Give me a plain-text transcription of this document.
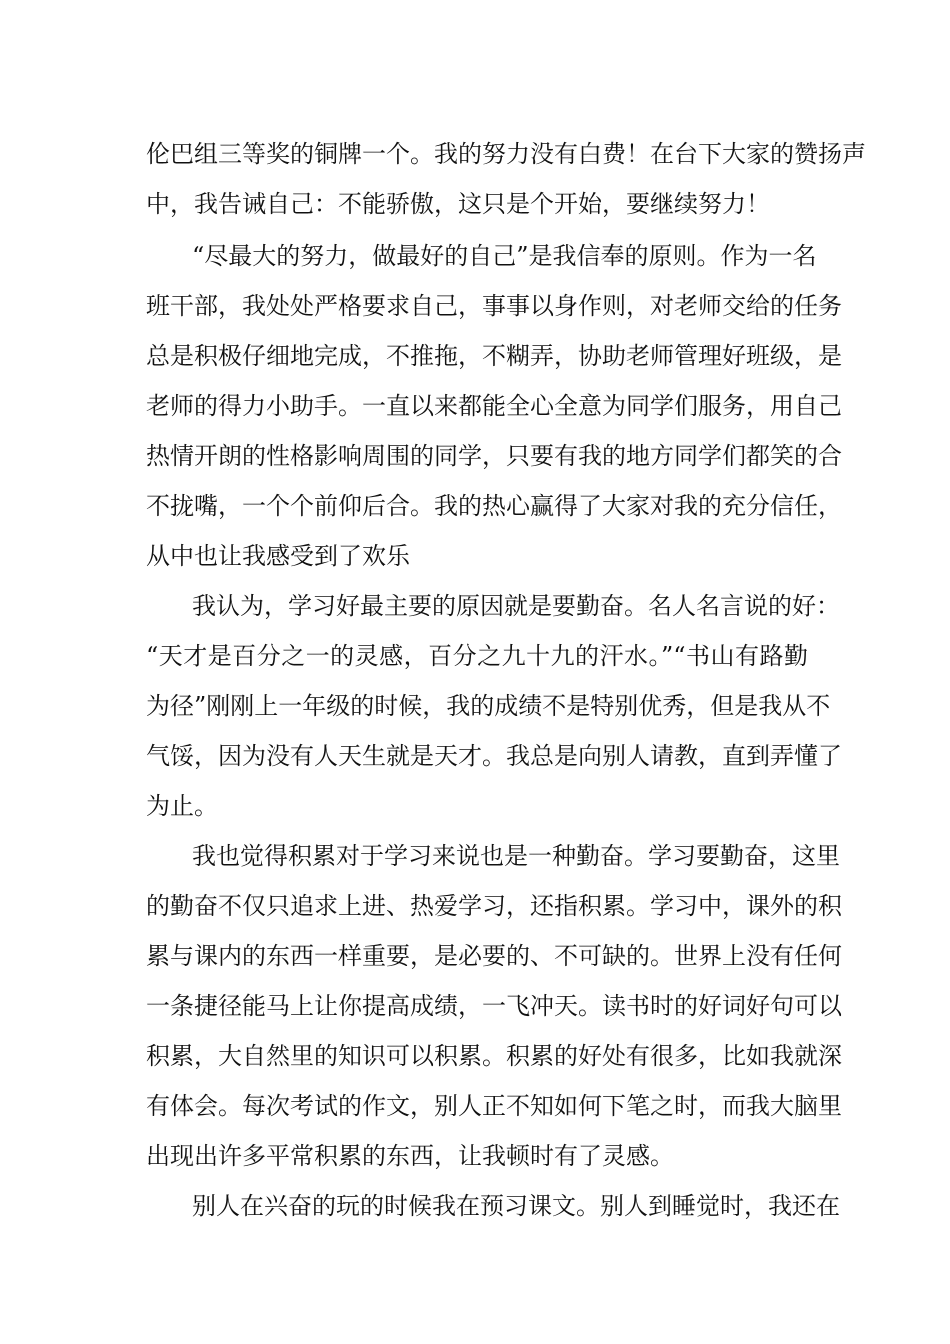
伦巴组三等奖的铜牌一个。我的努力没有白费！在台下大家的赞扬声
中，我告诫自己：不能骄傲，这只是个开始，要继续努力！
“尽最大的努力，做最好的自己”是我信奉的原则。作为一名
班干部，我处处严格要求自己，事事以身作则，对老师交给的任务
总是积极仔细地完成，不推拖，不糊弄，协助老师管理好班级，是
老师的得力小助手。一直以来都能全心全意为同学们服务，用自己
热情开朗的性格影响周围的同学，只要有我的地方同学们都笑的合
不拢嘴，一个个前仰后合。我的热心赢得了大家对我的充分信任，
从中也让我感受到了欢乐
我认为，学习好最主要的原因就是要勤奋。名人名言说的好：
“天才是百分之一的灵感，百分之九十九的汗水。”“书山有路勤
为径”刚刚上一年级的时候，我的成绩不是特别优秀，但是我从不
气馁，因为没有人天生就是天才。我总是向别人请教，直到弄懂了
为止。
我也觉得积累对于学习来说也是一种勤奋。学习要勤奋，这里
的勤奋不仅只追求上进、热爱学习，还指积累。学习中，课外的积
累与课内的东西一样重要，是必要的、不可缺的。世界上没有任何
一条捷径能马上让你提高成绩，一飞冲天。读书时的好词好句可以
积累，大自然里的知识可以积累。积累的好处有很多，比如我就深
有体会。每次考试的作文，别人正不知如何下笔之时，而我大脑里
出现出许多平常积累的东西，让我顿时有了灵感。
别人在兴奋的玩的时候我在预习课文。别人到睡觉时，我还在
